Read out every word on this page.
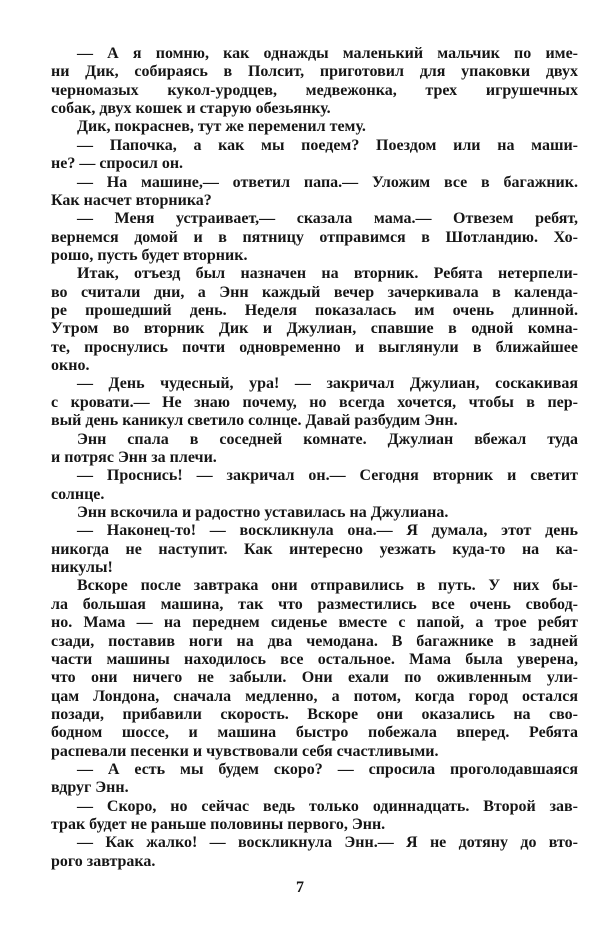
— А я помню, как однажды маленький мальчик по име-
ни Дик, собираясь в Полсит, приготовил для упаковки двух
черномазых кукол-уродцев, медвежонка, трех игрушечных
собак, двух кошек и старую обезьянку.
Дик, покраснев, тут же переменил тему.
— Папочка, а как мы поедем? Поездом или на маши-
не? — спросил он.
— На машине,— ответил папа.— Уложим все в багажник.
Как насчет вторника?
— Меня устраивает,— сказала мама.— Отвезем ребят,
вернемся домой и в пятницу отправимся в Шотландию. Хо-
рошо, пусть будет вторник.
Итак, отъезд был назначен на вторник. Ребята нетерпели-
во считали дни, а Энн каждый вечер зачеркивала в календа-
ре прошедший день. Неделя показалась им очень длинной.
Утром во вторник Дик и Джулиан, спавшие в одной комна-
те, проснулись почти одновременно и выглянули в ближайшее
окно.
— День чудесный, ура! — закричал Джулиан, соскакивая
с кровати.— Не знаю почему, но всегда хочется, чтобы в пер-
вый день каникул светило солнце. Давай разбудим Энн.
Энн спала в соседней комнате. Джулиан вбежал туда
и потряс Энн за плечи.
— Проснись! — закричал он.— Сегодня вторник и светит
солнце.
Энн вскочила и радостно уставилась на Джулиана.
— Наконец-то! — воскликнула она.— Я думала, этот день
никогда не наступит. Как интересно уезжать куда-то на ка-
никулы!
Вскоре после завтрака они отправились в путь. У них бы-
ла большая машина, так что разместились все очень свобод-
но. Мама — на переднем сиденье вместе с папой, а трое ребят
сзади, поставив ноги на два чемодана. В багажнике в задней
части машины находилось все остальное. Мама была уверена,
что они ничего не забыли. Они ехали по оживленным ули-
цам Лондона, сначала медленно, а потом, когда город остался
позади, прибавили скорость. Вскоре они оказались на сво-
бодном шоссе, и машина быстро побежала вперед. Ребята
распевали песенки и чувствовали себя счастливыми.
— А есть мы будем скоро? — спросила проголодавшаяся
вдруг Энн.
— Скоро, но сейчас ведь только одиннадцать. Второй зав-
трак будет не раньше половины первого, Энн.
— Как жалко! — воскликнула Энн.— Я не дотяну до вто-
рого завтрака.
7
